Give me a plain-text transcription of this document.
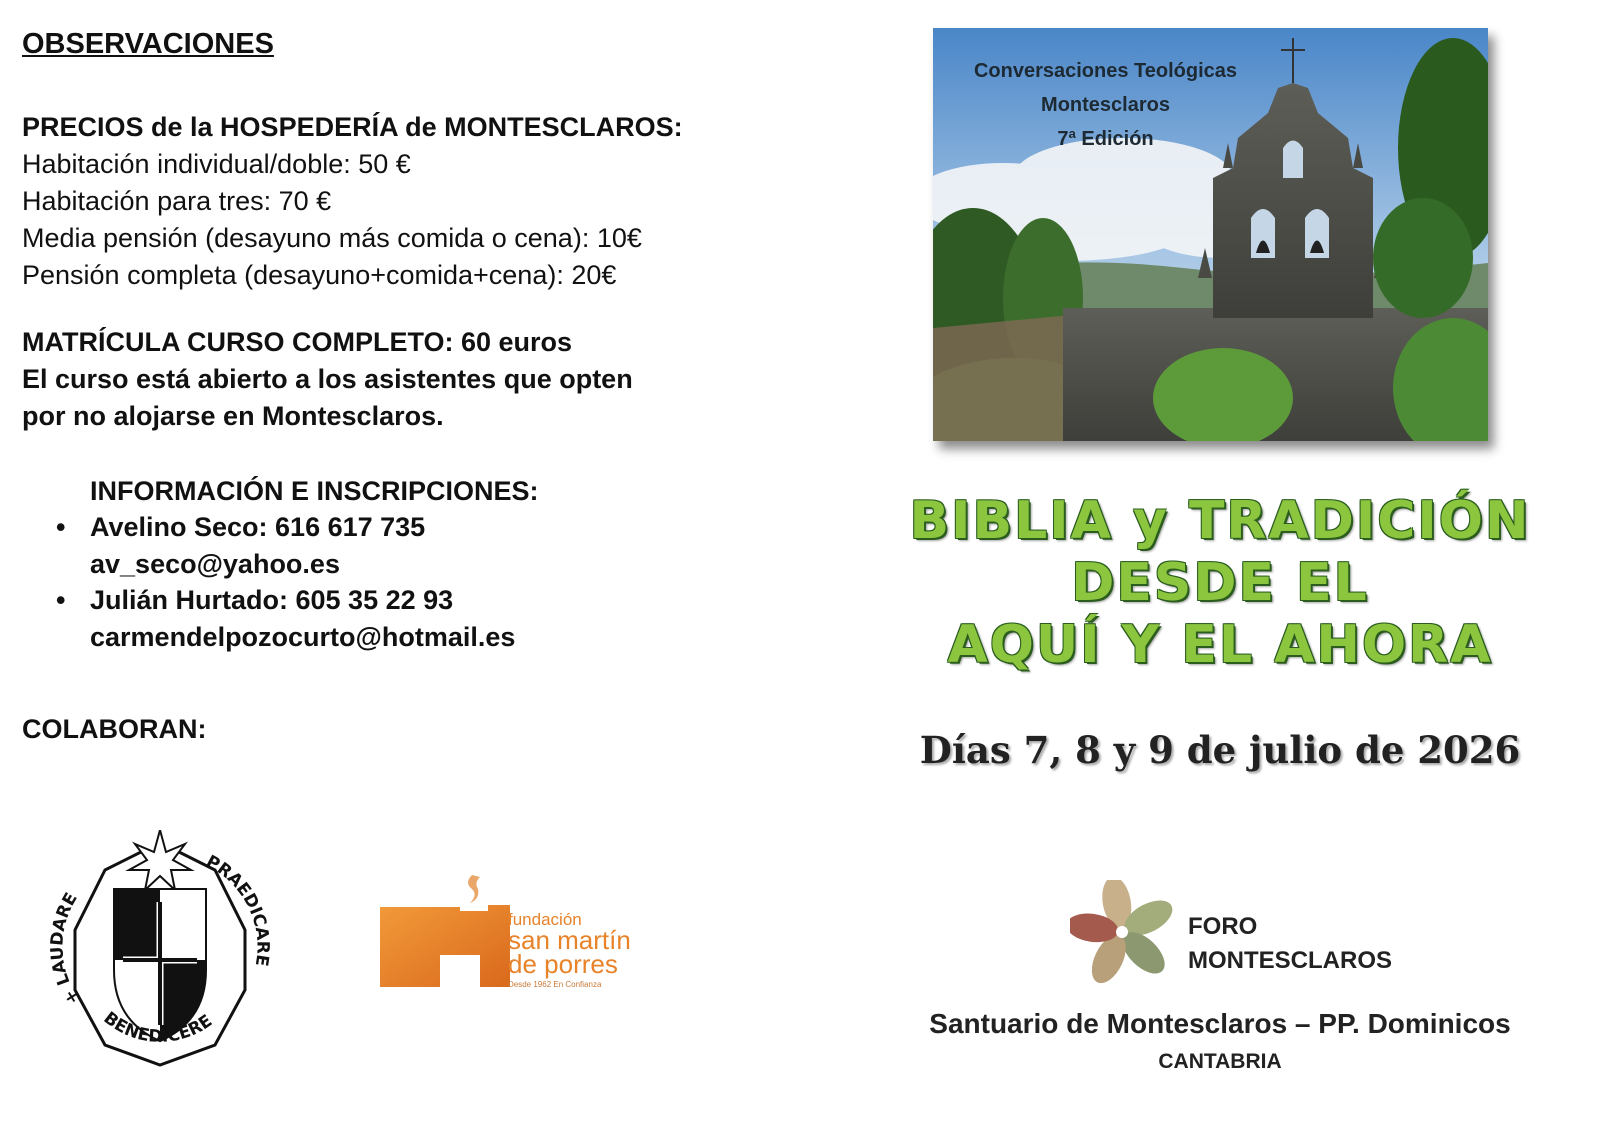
OBSERVACIONES
PRECIOS de la HOSPEDERÍA de MONTESCLAROS:
Habitación individual/doble: 50 €
Habitación para tres: 70 €
Media pensión (desayuno más comida o cena): 10€
Pensión completa (desayuno+comida+cena): 20€
MATRÍCULA CURSO COMPLETO: 60 euros
El curso está abierto a los asistentes que opten
por no alojarse en Montesclaros.
INFORMACIÓN E INSCRIPCIONES:
• Avelino Seco: 616 617 735
av_seco@yahoo.es
• Julián Hurtado: 605 35 22 93
carmendelpozocurto@hotmail.es
COLABORAN:
+ LAUDARE
PRAEDICARE
BENEDICERE
fundación
san martín
de porres
Desde 1962 En Confianza
Conversaciones Teológicas
Montesclaros
7ª Edición
BIBLIA y TRADICIÓN
DESDE EL
AQUÍ Y EL AHORA
Días 7, 8 y 9 de julio de 2026
FORO
MONTESCLAROS
Santuario de Montesclaros – PP. Dominicos
CANTABRIA
